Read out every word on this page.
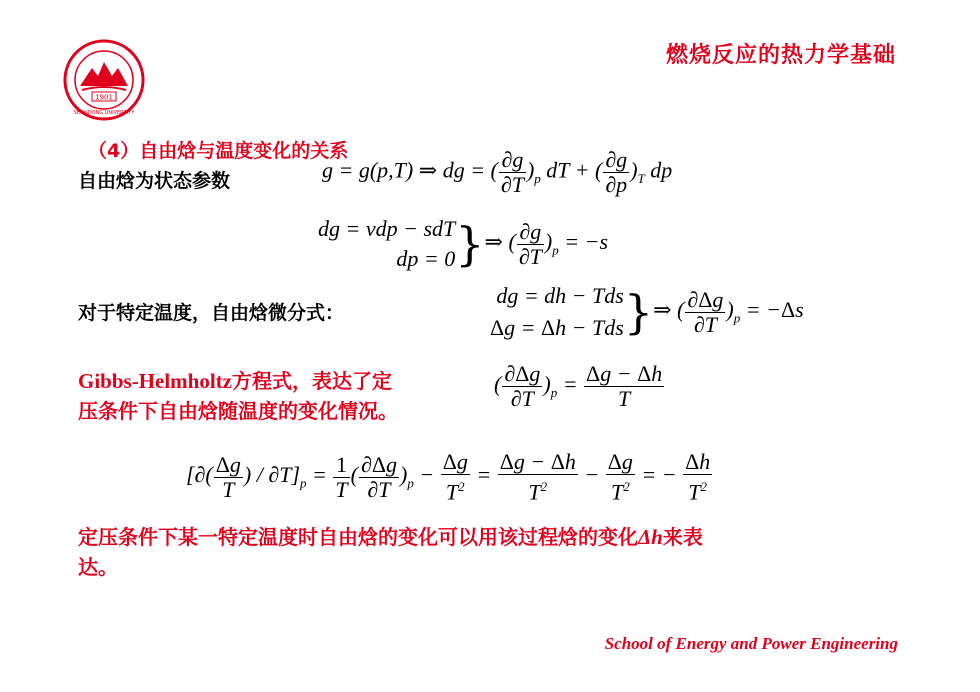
燃烧反应的热力学基础
1901
SHANDONG UNIVERSITY
（4）自由焓与温度变化的关系
自由焓为状态参数	g = g(p,T) ⇒ dg = ( $\frac{\partial g}{\partial T} )_p$ dT + ( $\frac{\partial g}{\partial p} )_T$ dp
dg = vdp − sdT
dp = 0 }⇒ ( $\frac{\partial g}{\partial T} )_p = -s$
对于特定温度，自由焓微分式：
dg = dh − Tds
Δg = Δh − Tds }⇒ ( $\frac{\partial\Delta g}{\partial T} )_p = -\Delta s$
Gibbs-Helmholtz方程式，表达了定
压条件下自由焓随温度的变化情况。
( $\frac{\partial\Delta g}{\partial T} )_p = \frac{\Delta g - \Delta h}{T}$
[∂( $\frac{\Delta g}{T}$ ) / $\partial T]_p = \frac{1}{T}$ ( $\frac{\partial\Delta g}{\partial T} )_p - \frac{\Delta g}{T^2} = \frac{\Delta g - \Delta h}{T^2} - \frac{\Delta g}{T^2}$ = − $\frac{\Delta h}{T^2}$
定压条件下某一特定温度时自由焓的变化可以用该过程焓的变化Δh来表
达。
School of Energy and Power Engineering
